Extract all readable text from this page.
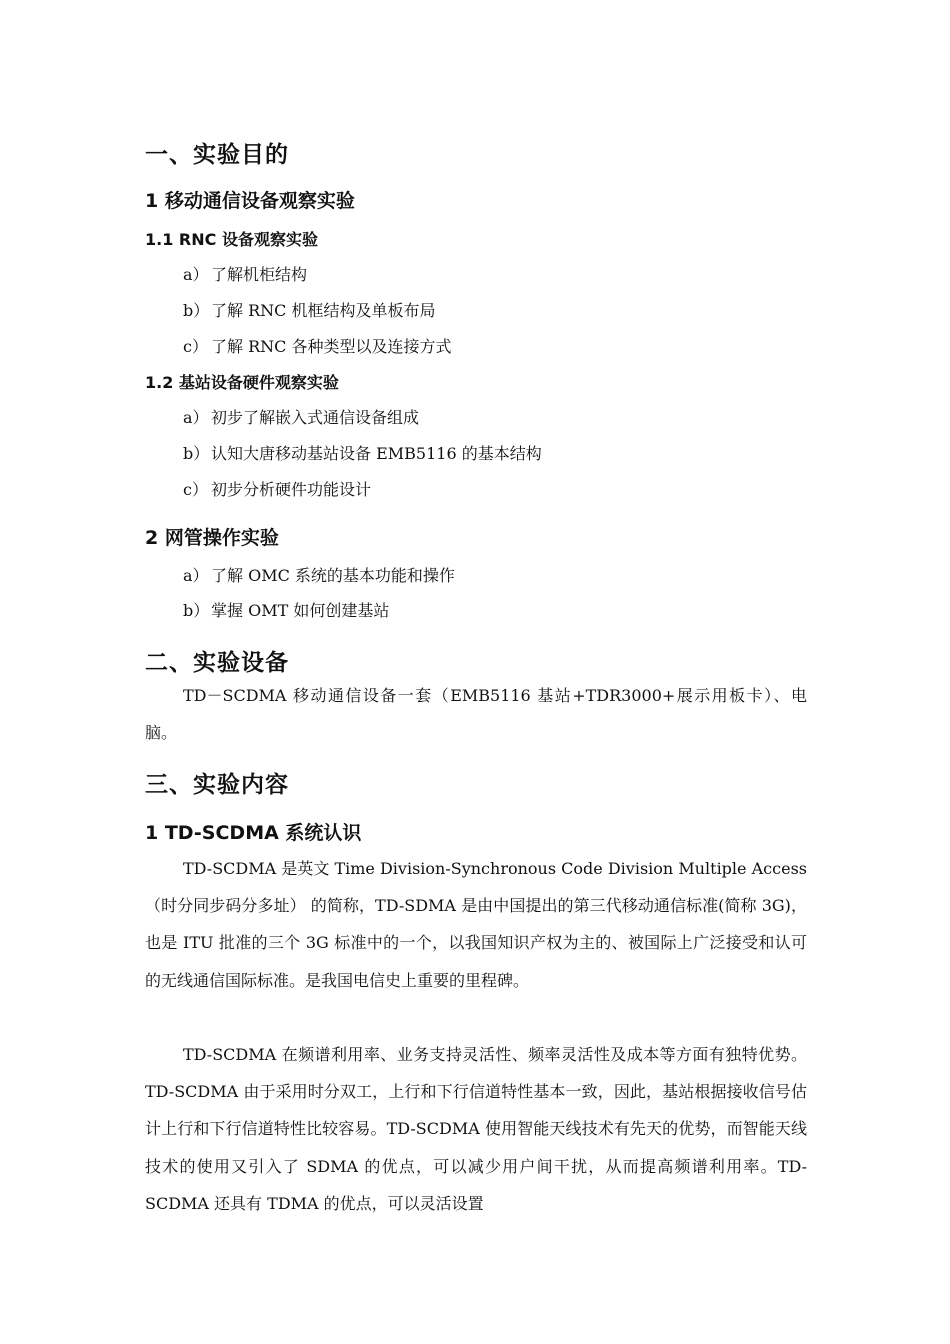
一、实验目的
1 移动通信设备观察实验
1.1 RNC 设备观察实验
a） 了解机柜结构
b） 了解 RNC 机框结构及单板布局
c） 了解 RNC 各种类型以及连接方式
1.2 基站设备硬件观察实验
a） 初步了解嵌入式通信设备组成
b） 认知大唐移动基站设备 EMB5116 的基本结构
c） 初步分析硬件功能设计
2 网管操作实验
a） 了解 OMC 系统的基本功能和操作
b） 掌握 OMT 如何创建基站
二、实验设备

TD－SCDMA 移动通信设备一套（EMB5116 基站+TDR3000+展示用板卡）、电脑。

三、实验内容
1 TD-SCDMA 系统认识

TD-SCDMA 是英文 Time Division-Synchronous Code Division Multiple Access（时分同步码分多址） 的简称，TD-SDMA 是由中国提出的第三代移动通信标准(简称 3G)，也是 ITU 批准的三个 3G 标准中的一个，以我国知识产权为主的、被国际上广泛接受和认可的无线通信国际标准。是我国电信史上重要的里程碑。

TD-SCDMA 在频谱利用率、业务支持灵活性、频率灵活性及成本等方面有独特优势。TD-SCDMA 由于采用时分双工，上行和下行信道特性基本一致，因此，基站根据接收信号估计上行和下行信道特性比较容易。TD-SCDMA 使用智能天线技术有先天的优势，而智能天线技术的使用又引入了 SDMA 的优点，可以减少用户间干扰，从而提高频谱利用率。TD-SCDMA 还具有 TDMA 的优点，可以灵活设置
